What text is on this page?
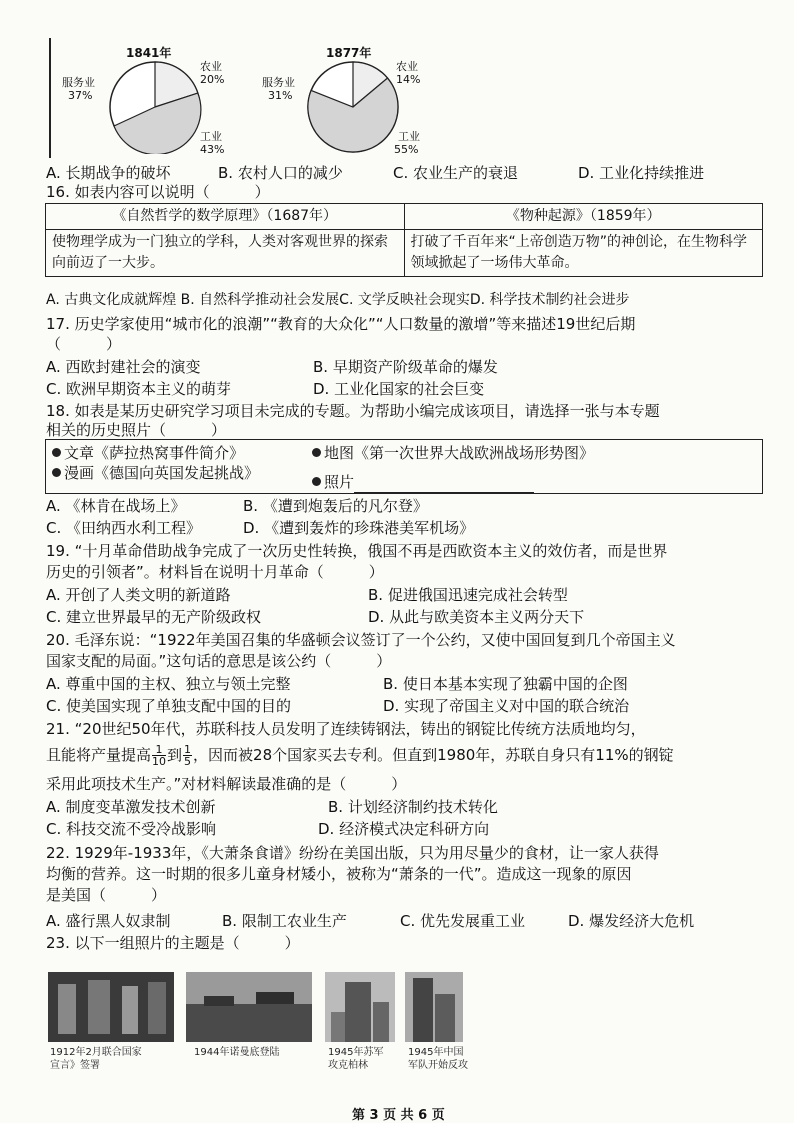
1841年
农业
20%
服务业
37%
工业
43%
1877年
农业
14%
服务业
31%
工业
55%
A. 长期战争的破坏	B. 农村人口的减少	C. 农业生产的衰退	D. 工业化持续推进
16. 如表内容可以说明（　　　）
《自然哲学的数学原理》（1687年）	《物种起源》（1859年）
使物理学成为一门独立的学科，人类对客观世界的探索向前迈了一大步。	打破了千百年来“上帝创造万物”的神创论，在生物科学领域掀起了一场伟大革命。
A. 古典文化成就辉煌 B. 自然科学推动社会发展C. 文学反映社会现实D. 科学技术制约社会进步
17. 历史学家使用“城市化的浪潮”“教育的大众化”“人口数量的激增”等来描述19世纪后期
（　　　）
A. 西欧封建社会的演变	B. 早期资产阶级革命的爆发
C. 欧洲早期资本主义的萌芽	D. 工业化国家的社会巨变
18. 如表是某历史研究学习项目未完成的专题。为帮助小编完成该项目，请选择一张与本专题
相关的历史照片（　　　）
文章《萨拉热窝事件简介》	地图《第一次世界大战欧洲战场形势图》
漫画《德国向英国发起挑战》	照片
A. 《林肯在战场上》	B. 《遭到炮轰后的凡尔登》
C. 《田纳西水利工程》	D. 《遭到轰炸的珍珠港美军机场》
19. “十月革命借助战争完成了一次历史性转换，俄国不再是西欧资本主义的效仿者，而是世界
历史的引领者”。材料旨在说明十月革命（　　　）
A. 开创了人类文明的新道路	B. 促进俄国迅速完成社会转型
C. 建立世界最早的无产阶级政权	D. 从此与欧美资本主义两分天下
20. 毛泽东说：“1922年美国召集的华盛顿会议签订了一个公约，又使中国回复到几个帝国主义
国家支配的局面。”这句话的意思是该公约（　　　）
A. 尊重中国的主权、独立与领土完整	B. 使日本基本实现了独霸中国的企图
C. 使美国实现了单独支配中国的目的	D. 实现了帝国主义对中国的联合统治
21. “20世纪50年代，苏联科技人员发明了连续铸钢法，铸出的钢锭比传统方法质地均匀，
且能将产量提高 $\frac{1}{10}$ 到 $\frac{1}{5}$ ，因而被28个国家买去专利。但直到1980年，苏联自身只有11%的钢锭
采用此项技术生产。”对材料解读最准确的是（　　　）
A. 制度变革激发技术创新	B. 计划经济制约技术转化
C. 科技交流不受冷战影响	D. 经济模式决定科研方向
22. 1929年-1933年，《大萧条食谱》纷纷在美国出版，只为用尽量少的食材，让一家人获得
均衡的营养。这一时期的很多儿童身材矮小，被称为“萧条的一代”。造成这一现象的原因
是美国（　　　）
A. 盛行黑人奴隶制	B. 限制工农业生产	C. 优先发展重工业	D. 爆发经济大危机
23. 以下一组照片的主题是（　　　）
1912年2月联合国家
宣言》签署
1944年诺曼底登陆	1945年苏军
攻克柏林
1945年中国
军队开始反攻
第 3 页 共 6 页
